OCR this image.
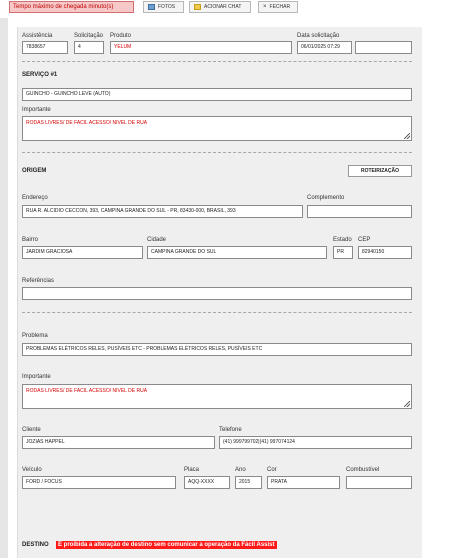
Tempo máximo de chegada minuto(s)	FOTOS	ACIONAR CHAT	× FECHAR
Assistência
7838657
Solicitação
4
Produto
YELUM
Data solicitação
06/01/2025 07:29
SERVIÇO #1
GUINCHO - GUINCHO LEVE (AUTO)
Importante
RODAS LIVRES/ DE FACIL ACESSO/ NIVEL DE RUA
ORIGEM	ROTEIRIZAÇÃO
Endereço
RUA R. ALCIDIO CECCON, 393, CAMPINA GRANDE DO SUL - PR, 83430-000, BRASIL, 393
Complemento
Bairro
JARDIM GRACIOSA
Cidade
CAMPINA GRANDE DO SUL
Estado
PR
CEP
82940150
Referências
Problema
PROBLEMAS ELÉTRICOS RELES, PUSÍVEIS ETC - PROBLEMAS ELÉTRICOS RELES, PUSÍVEIS ETC
Importante
RODAS LIVRES/ DE FACIL ACESSO/ NIVEL DE RUA
Cliente
JOZIAS HAPPEL
Telefone
(41) 999799702|(41) 997074124
Veículo
FORD / FOCUS
Placa
AQQ-XXXX
Ano
2015
Cor
PRATA
Combustível
DESTINO	É proibida a alteração de destino sem comunicar a operação da Fácil Assist
